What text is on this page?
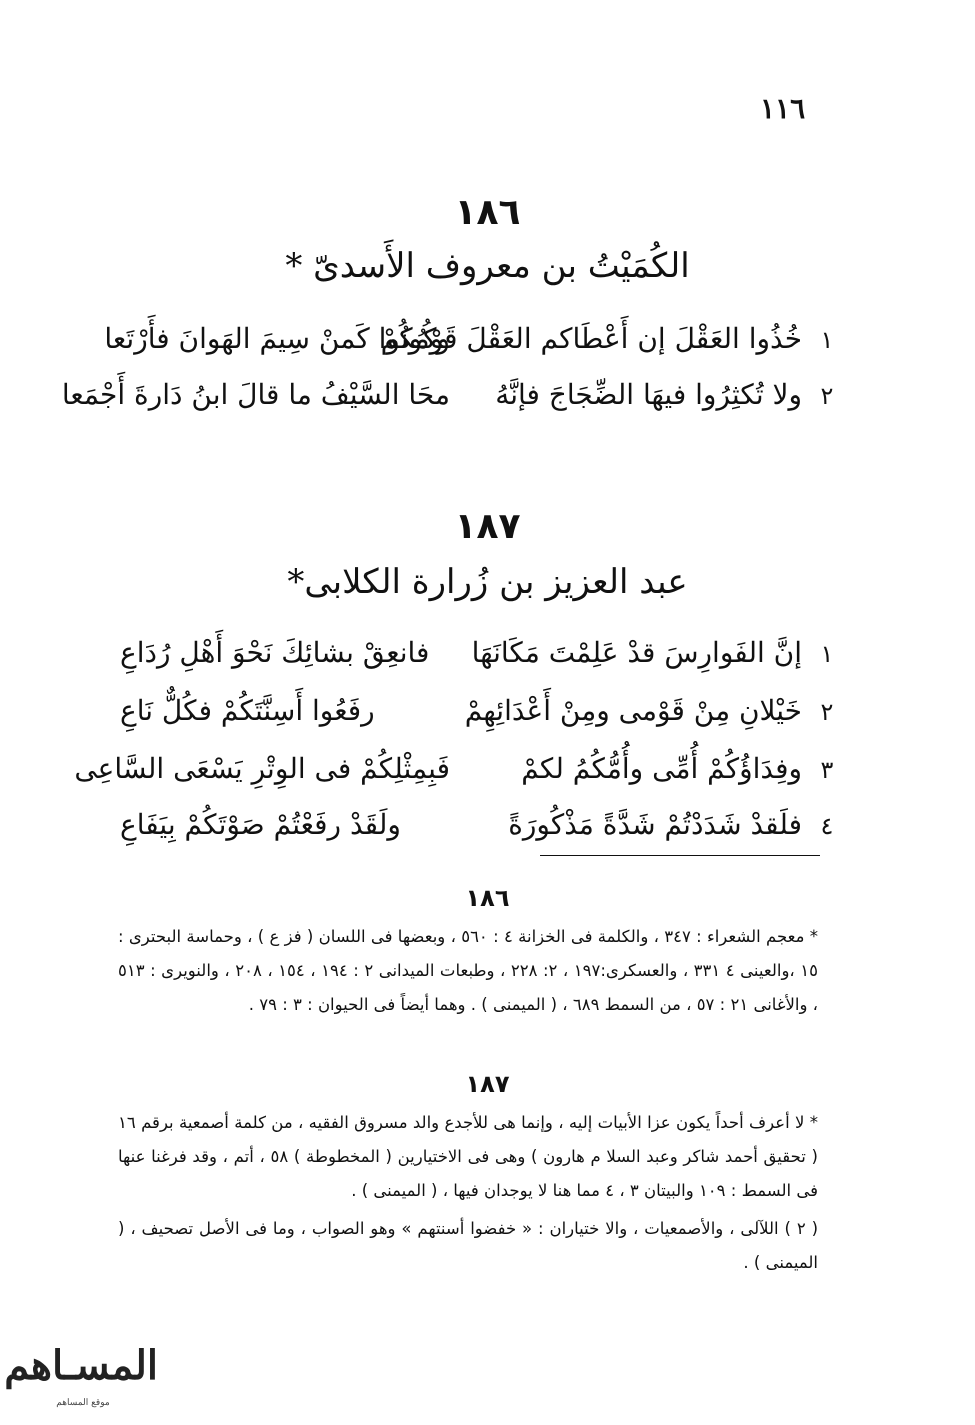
١١٦
١٨٦
الكُمَيْتُ بن معروف الأَسدىّ *
١
خُذُوا العَقْلَ إن أَعْطَاكم العَقْلَ قَوْمُكُمْ
وكُونُوا كَمنْ سِيمَ الهَوانَ فأَرْتَعا
٢
ولا تُكثِرُوا فيهَا الضِّجَاجَ فإنَّهُ
محَا السَّيْفُ ما قالَ ابنُ دَارةَ أَجْمَعا
١٨٧
عبد العزيز بن زُرارة الكلابى*
١
إنَّ الفَوارِسَ قدْ عَلِمْتَ مَكَانَهَا
فانعِقْ بشائِكَ نَحْوَ أَهْلِ رُدَاعِ
٢
خَيْلانِ مِنْ قَوْمى ومِنْ أَعْدَائِهِمْ
رفَعُوا أَسِنَّتَكُمْ فكُلٌّ نَاعِ
٣
وفِدَاؤُكُمْ أُمِّى وأُمُّكُمُ لكمْ
فَبِمِثْلِكُمْ فى الوِتْرِ يَسْعَى السَّاعِى
٤
فلَقدْ شَدَدْتُمْ شَدَّةً مَذْكُورَةً
ولَقَدْ رفَعْتُمْ صَوْتَكُمْ بِيَفَاعِ
١٨٦
* معجم الشعراء : ٣٤٧ ، والكلمة فى الخزانة ٤ : ٥٦٠ ، وبعضها فى اللسان ( فز ع ) ، وحماسة البحترى : ١٥ ،والعينى ٤ ٣٣١ ، والعسكرى:١٩٧ ، ٢: ٢٢٨ ، وطبعات الميدانى ٢ : ١٩٤ ، ١٥٤ ، ٢٠٨ ، والنويرى : ٥١٣ ، والأغانى ٢١ : ٥٧ ، من السمط ٦٨٩ ، ( الميمنى ) . وهما أيضاً فى الحيوان : ٣ : ٧٩ .
١٨٧
* لا أعرف أحداً يكون عزا الأبيات إليه ، وإنما هى للأجدع والد مسروق الفقيه ، من كلمة أصمعية برقم ١٦ ( تحقيق أحمد شاكر وعبد السلا م هارون ) وهى فى الاختيارين ( المخطوطة ) ٥٨ ، أتم ، وقد فرغنا عنها فى السمط : ١٠٩ والبيتان ٣ ، ٤ مما هنا لا يوجدان فيها ، ( الميمنى ) .
( ٢ ) اللآلى ، والأصمعيات ، والا ختياران : « خفضوا أسنتهم » وهو الصواب ، وما فى الأصل تصحيف ، ( الميمنى ) .
المسـاهم
موقع المساهم
